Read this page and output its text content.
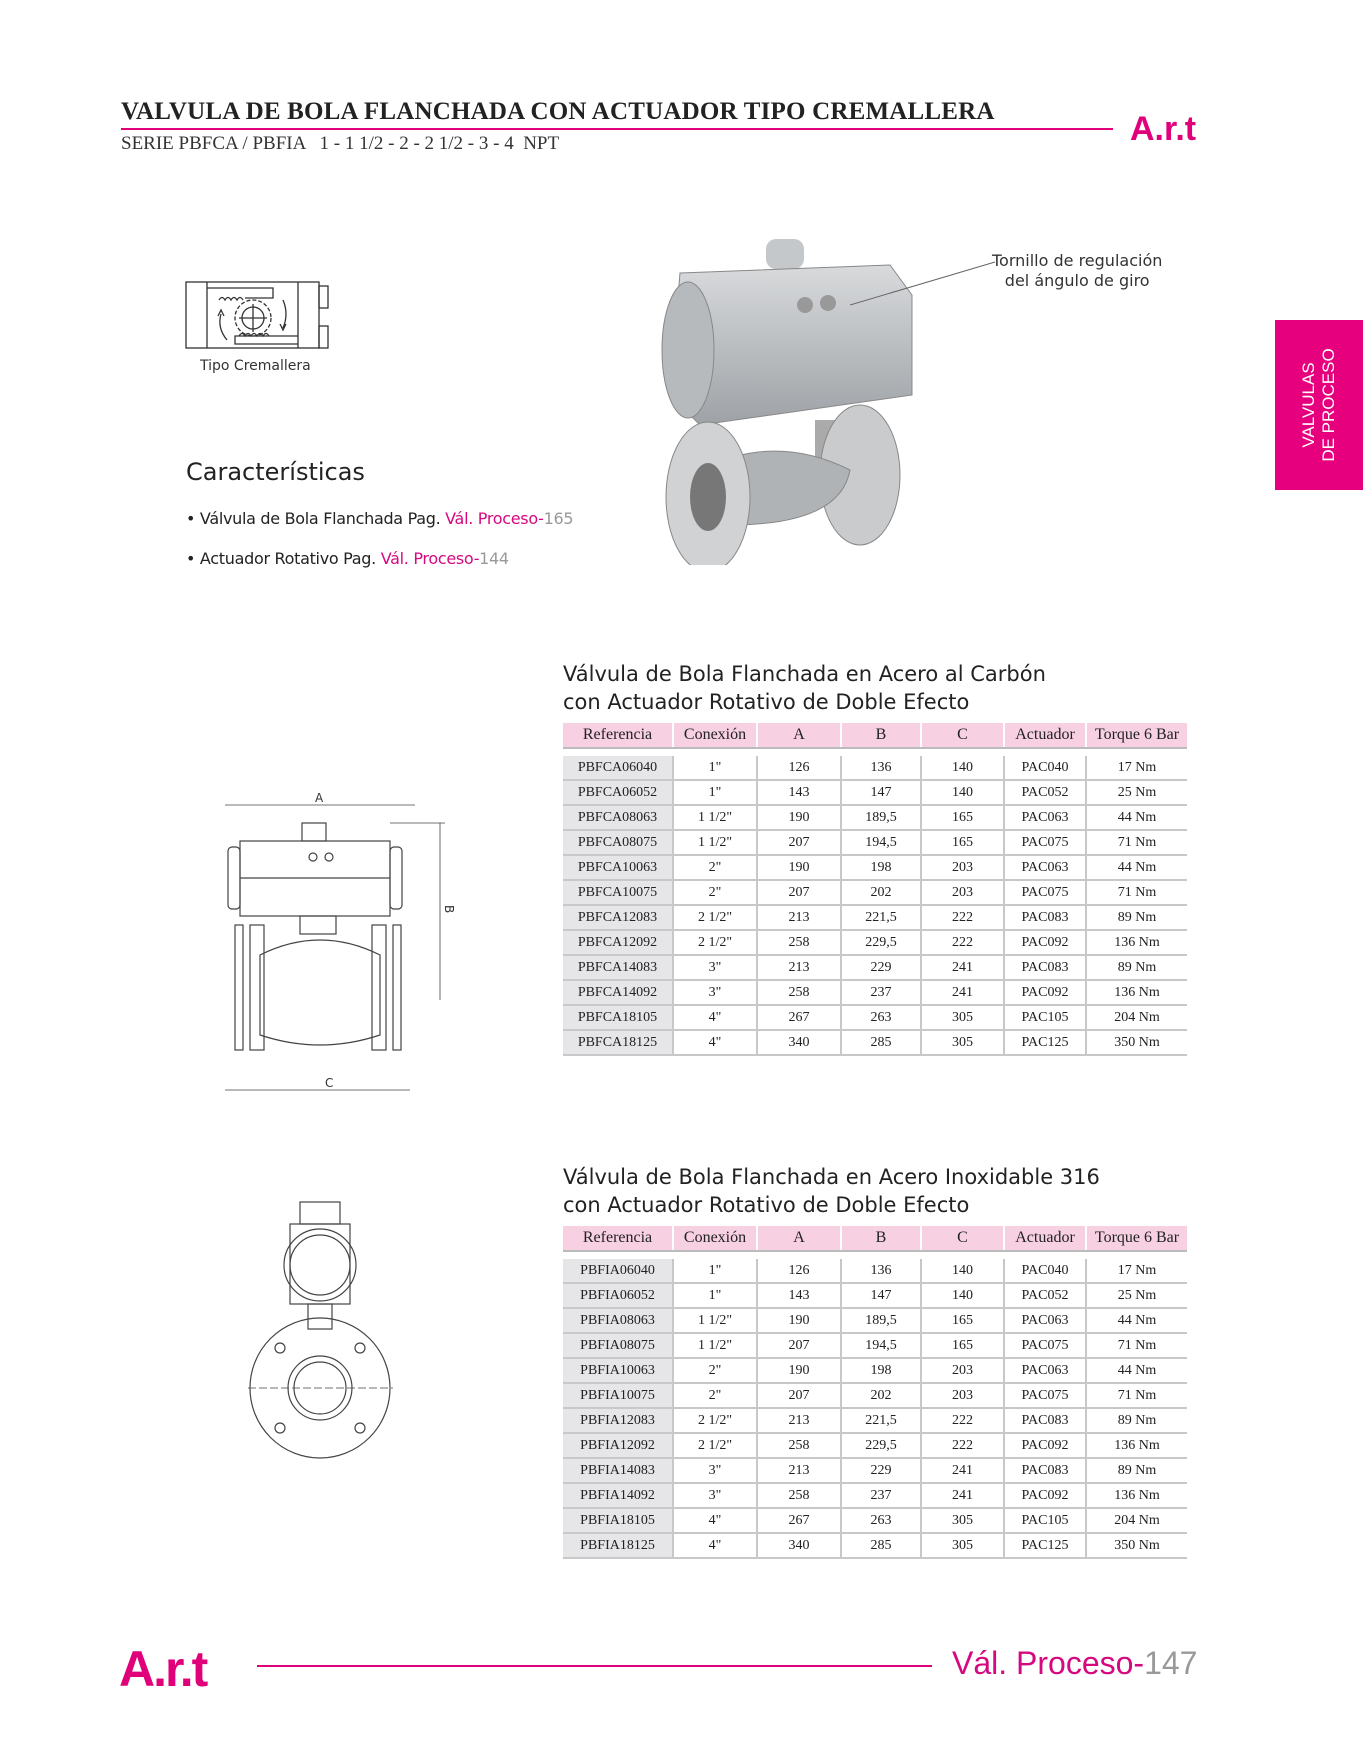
VALVULA DE BOLA FLANCHADA CON ACTUADOR TIPO CREMALLERA
SERIE PBFCA / PBFIA   1 - 1 1/2 - 2 - 2 1/2 - 3 - 4  NPT	A.r.t
VALVULAS DE PROCESO
Tipo Cremallera
Tornillo de regulación
del ángulo de giro
Características
• Válvula de Bola Flanchada Pag. Vál. Proceso-165
• Actuador Rotativo Pag. Vál. Proceso-144
A
B
C
Válvula de Bola Flanchada en Acero al Carbón
con Actuador Rotativo de Doble Efecto
Referencia	Conexión	A	B	C	Actuador	Torque 6 Bar

PBFCA06040	1"	126	136	140	PAC040	17 Nm
PBFCA06052	1"	143	147	140	PAC052	25 Nm
PBFCA08063	1 1/2"	190	189,5	165	PAC063	44 Nm
PBFCA08075	1 1/2"	207	194,5	165	PAC075	71 Nm
PBFCA10063	2"	190	198	203	PAC063	44 Nm
PBFCA10075	2"	207	202	203	PAC075	71 Nm
PBFCA12083	2 1/2"	213	221,5	222	PAC083	89 Nm
PBFCA12092	2 1/2"	258	229,5	222	PAC092	136 Nm
PBFCA14083	3"	213	229	241	PAC083	89 Nm
PBFCA14092	3"	258	237	241	PAC092	136 Nm
PBFCA18105	4"	267	263	305	PAC105	204 Nm
PBFCA18125	4"	340	285	305	PAC125	350 Nm
Válvula de Bola Flanchada en Acero Inoxidable 316
con Actuador Rotativo de Doble Efecto
Referencia	Conexión	A	B	C	Actuador	Torque 6 Bar

PBFIA06040	1"	126	136	140	PAC040	17 Nm
PBFIA06052	1"	143	147	140	PAC052	25 Nm
PBFIA08063	1 1/2"	190	189,5	165	PAC063	44 Nm
PBFIA08075	1 1/2"	207	194,5	165	PAC075	71 Nm
PBFIA10063	2"	190	198	203	PAC063	44 Nm
PBFIA10075	2"	207	202	203	PAC075	71 Nm
PBFIA12083	2 1/2"	213	221,5	222	PAC083	89 Nm
PBFIA12092	2 1/2"	258	229,5	222	PAC092	136 Nm
PBFIA14083	3"	213	229	241	PAC083	89 Nm
PBFIA14092	3"	258	237	241	PAC092	136 Nm
PBFIA18105	4"	267	263	305	PAC105	204 Nm
PBFIA18125	4"	340	285	305	PAC125	350 Nm
A.r.t	Vál. Proceso-147
